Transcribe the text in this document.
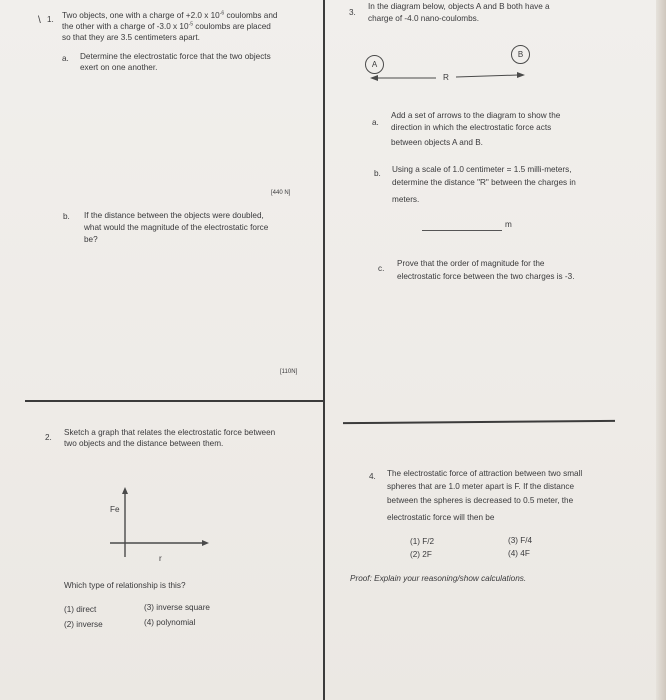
\ 1. Two objects, one with a charge of +2.0 x $10^{-6}$ coulombs and
the other with a charge of -3.0 x $10^{-5}$ coulombs are placed
so that they are 3.5 centimeters apart.
a. Determine the electrostatic force that the two objects
exert on one another.
[440 N]
b. If the distance between the objects were doubled,
what would the magnitude of the electrostatic force
be?
[110N]
2.
Sketch a graph that relates the electrostatic force between
two objects and the distance between them.
Fe
r
Which type of relationship is this?
(1) direct
(2) inverse
(3) inverse square
(4) polynomial
3.
In the diagram below, objects A and B both have a
charge of -4.0 nano-coulombs.
A
B
R
a.
Add a set of arrows to the diagram to show the
direction in which the electrostatic force acts
between objects A and B.
b. Using a scale of 1.0 centimeter = 1.5 milli-meters,
determine the distance "R" between the charges in
meters.
m
c.
Prove that the order of magnitude for the
electrostatic force between the two charges is -3.
4. The electrostatic force of attraction between two small
spheres that are 1.0 meter apart is F. If the distance
between the spheres is decreased to 0.5 meter, the
electrostatic force will then be
(1) F/2
(2) 2F
(3) F/4
(4) 4F
Proof: Explain your reasoning/show calculations.
